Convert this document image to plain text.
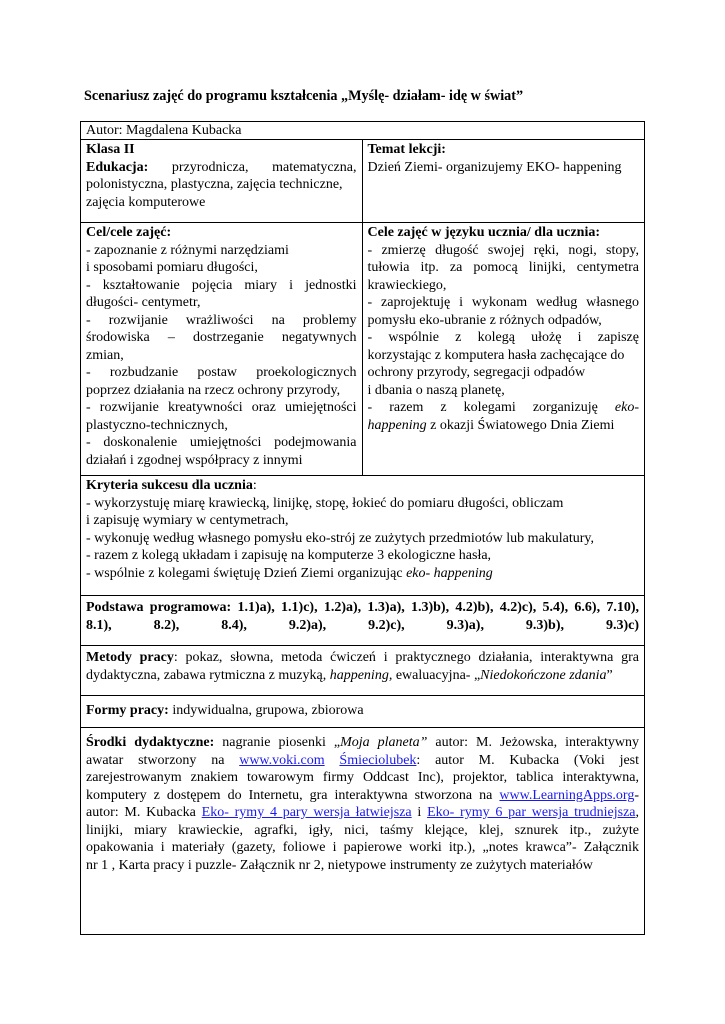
Scenariusz zajęć do programu kształcenia „Myślę- działam- idę w świat”
Autor: Magdalena Kubacka
Klasa II
Edukacja: przyrodnicza, matematyczna,
polonistyczna, plastyczna, zajęcia techniczne,
zajęcia komputerowe
Temat lekcji:
Dzień Ziemi- organizujemy EKO- happening
Cel/cele zajęć:
- zapoznanie z różnymi narzędziami
i sposobami pomiaru długości,
- kształtowanie pojęcia miary i jednostki
długości- centymetr,
- rozwijanie wrażliwości na problemy
środowiska – dostrzeganie negatywnych
zmian,
- rozbudzanie postaw proekologicznych
poprzez działania na rzecz ochrony przyrody,
- rozwijanie kreatywności oraz umiejętności
plastyczno-technicznych,
- doskonalenie umiejętności podejmowania
działań i zgodnej współpracy z innymi
Cele zajęć w języku ucznia/ dla ucznia:
- zmierzę długość swojej ręki, nogi, stopy,
tułowia itp. za pomocą linijki, centymetra
krawieckiego,
- zaprojektuję i wykonam według własnego
pomysłu eko-ubranie z różnych odpadów,
- wspólnie z kolegą ułożę i zapiszę
korzystając z komputera hasła zachęcające do
ochrony przyrody, segregacji odpadów
i dbania o naszą planetę,
- razem z kolegami zorganizuję eko-
happening z okazji Światowego Dnia Ziemi
Kryteria sukcesu dla ucznia:
- wykorzystuję miarę krawiecką, linijkę, stopę, łokieć do pomiaru długości, obliczam
i zapisuję wymiary w centymetrach,
- wykonuję według własnego pomysłu eko-strój ze zużytych przedmiotów lub makulatury,
- razem z kolegą układam i zapisuję na komputerze 3 ekologiczne hasła,
- wspólnie z kolegami świętuję Dzień Ziemi organizując eko- happening
Podstawa programowa: 1.1)a), 1.1)c), 1.2)a), 1.3)a), 1.3)b), 4.2)b), 4.2)c), 5.4), 6.6), 7.10),
8.1), 8.2), 8.4), 9.2)a), 9.2)c), 9.3)a), 9.3)b), 9.3)c)
Metody pracy: pokaz, słowna, metoda ćwiczeń i praktycznego działania, interaktywna gra
dydaktyczna, zabawa rytmiczna z muzyką, happening, ewaluacyjna- „Niedokończone zdania”
Formy pracy: indywidualna, grupowa, zbiorowa
Środki dydaktyczne: nagranie piosenki „Moja planeta” autor: M. Jeżowska, interaktywny
awatar stworzony na www.voki.com Śmieciolubek: autor M. Kubacka (Voki jest
zarejestrowanym znakiem towarowym firmy Oddcast Inc), projektor, tablica interaktywna,
komputery z dostępem do Internetu, gra interaktywna stworzona na www.LearningApps.org-
autor: M. Kubacka Eko- rymy 4 pary wersja łatwiejsza i Eko- rymy 6 par wersja trudniejsza,
linijki, miary krawieckie, agrafki, igły, nici, taśmy klejące, klej, sznurek itp., zużyte
opakowania i materiały (gazety, foliowe i papierowe worki itp.), „notes krawca”- Załącznik
nr 1 , Karta pracy i puzzle- Załącznik nr 2, nietypowe instrumenty ze zużytych materiałów
